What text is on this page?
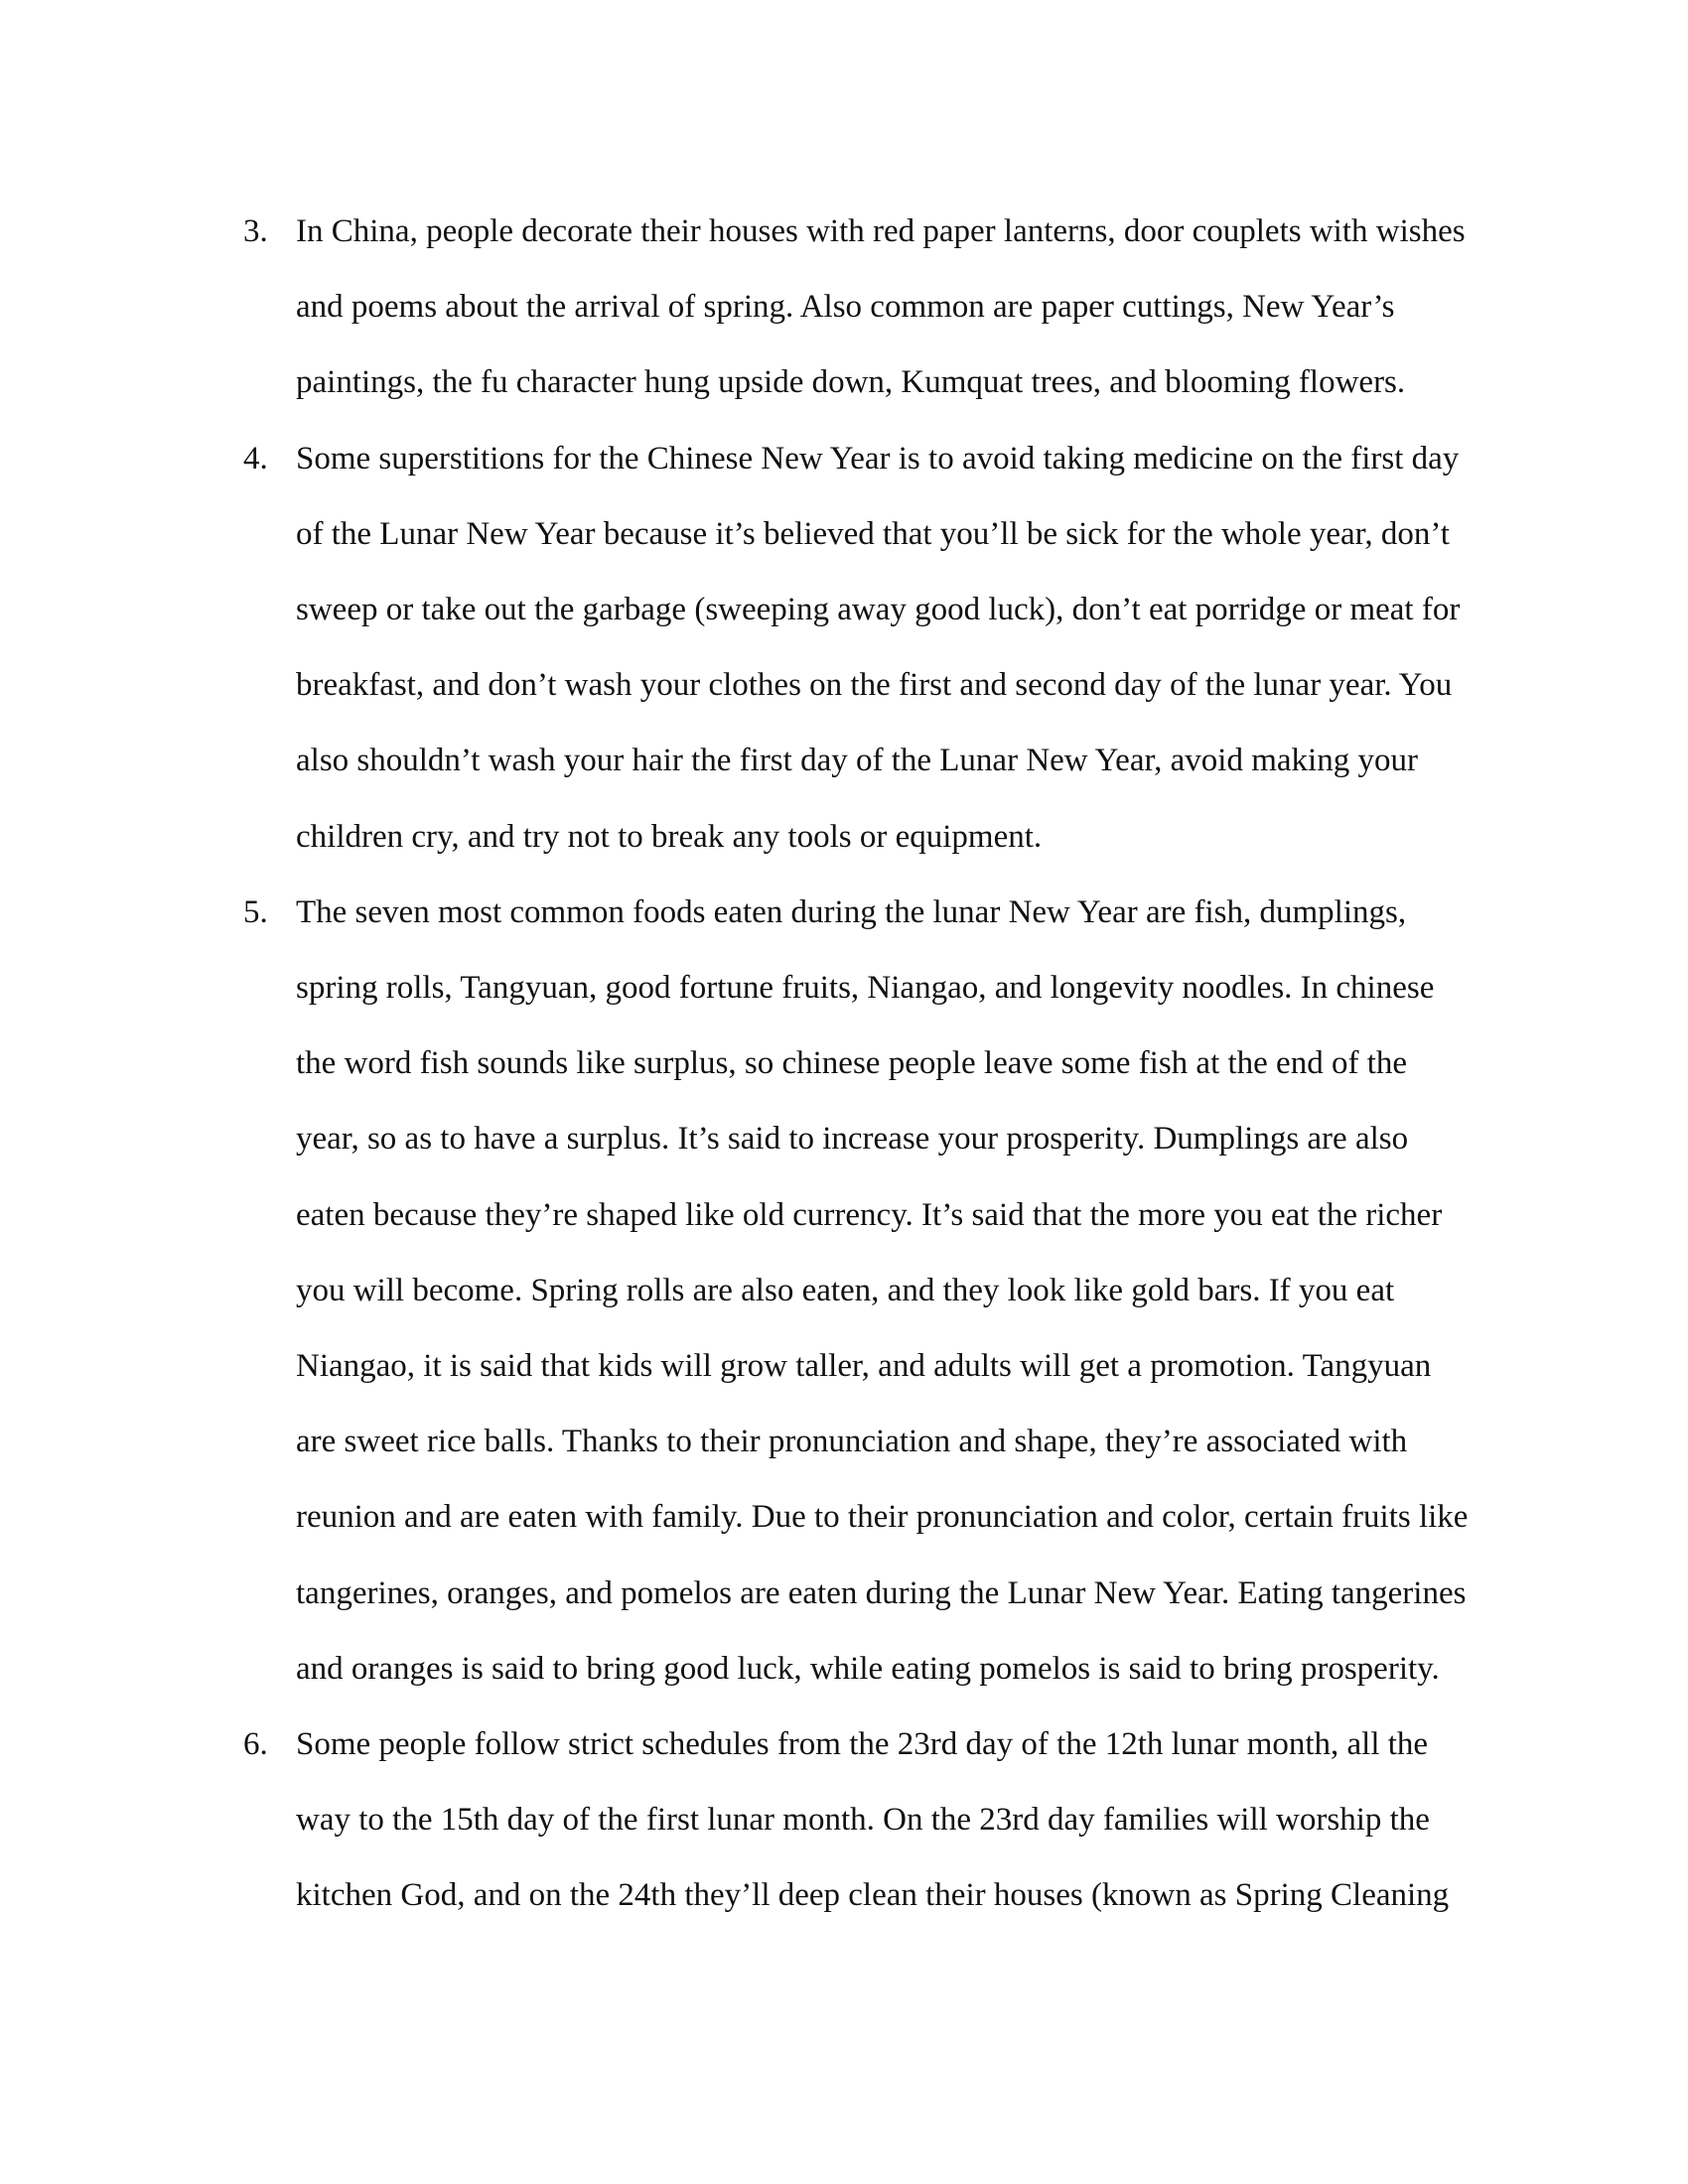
3. In China, people decorate their houses with red paper lanterns, door couplets with wishes
and poems about the arrival of spring. Also common are paper cuttings, New Year’s
paintings, the fu character hung upside down, Kumquat trees, and blooming flowers.
4. Some superstitions for the Chinese New Year is to avoid taking medicine on the first day
of the Lunar New Year because it’s believed that you’ll be sick for the whole year, don’t
sweep or take out the garbage (sweeping away good luck), don’t eat porridge or meat for
breakfast, and don’t wash your clothes on the first and second day of the lunar year. You
also shouldn’t wash your hair the first day of the Lunar New Year, avoid making your
children cry, and try not to break any tools or equipment.
5. The seven most common foods eaten during the lunar New Year are fish, dumplings,
spring rolls, Tangyuan, good fortune fruits, Niangao, and longevity noodles. In chinese
the word fish sounds like surplus, so chinese people leave some fish at the end of the
year, so as to have a surplus. It’s said to increase your prosperity. Dumplings are also
eaten because they’re shaped like old currency. It’s said that the more you eat the richer
you will become. Spring rolls are also eaten, and they look like gold bars. If you eat
Niangao, it is said that kids will grow taller, and adults will get a promotion. Tangyuan
are sweet rice balls. Thanks to their pronunciation and shape, they’re associated with
reunion and are eaten with family. Due to their pronunciation and color, certain fruits like
tangerines, oranges, and pomelos are eaten during the Lunar New Year. Eating tangerines
and oranges is said to bring good luck, while eating pomelos is said to bring prosperity.
6. Some people follow strict schedules from the 23rd day of the 12th lunar month, all the
way to the 15th day of the first lunar month. On the 23rd day families will worship the
kitchen God, and on the 24th they’ll deep clean their houses (known as Spring Cleaning
